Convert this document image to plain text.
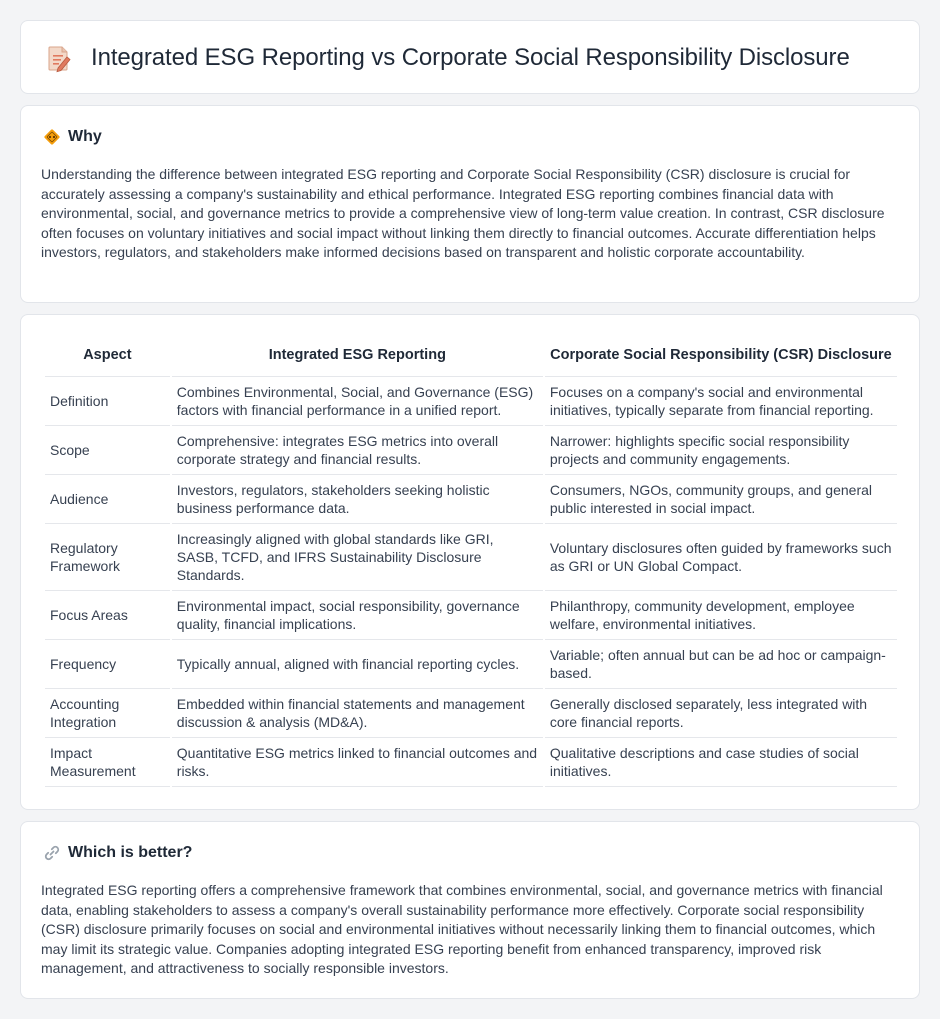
Integrated ESG Reporting vs Corporate Social Responsibility Disclosure
Why

Understanding the difference between integrated ESG reporting and Corporate Social Responsibility (CSR) disclosure is crucial for accurately assessing a company's sustainability and ethical performance. Integrated ESG reporting combines financial data with environmental, social, and governance metrics to provide a comprehensive view of long-term value creation. In contrast, CSR disclosure often focuses on voluntary initiatives and social impact without linking them directly to financial outcomes. Accurate differentiation helps investors, regulators, and stakeholders make informed decisions based on transparent and holistic corporate accountability.

Aspect	Integrated ESG Reporting	Corporate Social Responsibility (CSR) Disclosure
Definition	Combines Environmental, Social, and Governance (ESG) factors with financial performance in a unified report.	Focuses on a company's social and environmental initiatives, typically separate from financial reporting.
Scope	Comprehensive: integrates ESG metrics into overall corporate strategy and financial results.	Narrower: highlights specific social responsibility projects and community engagements.
Audience	Investors, regulators, stakeholders seeking holistic business performance data.	Consumers, NGOs, community groups, and general public interested in social impact.
Regulatory Framework	Increasingly aligned with global standards like GRI, SASB, TCFD, and IFRS Sustainability Disclosure Standards.	Voluntary disclosures often guided by frameworks such as GRI or UN Global Compact.
Focus Areas	Environmental impact, social responsibility, governance quality, financial implications.	Philanthropy, community development, employee welfare, environmental initiatives.
Frequency	Typically annual, aligned with financial reporting cycles.	Variable; often annual but can be ad hoc or campaign-based.
Accounting Integration	Embedded within financial statements and management discussion & analysis (MD&A).	Generally disclosed separately, less integrated with core financial reports.
Impact Measurement	Quantitative ESG metrics linked to financial outcomes and risks.	Qualitative descriptions and case studies of social initiatives.
Which is better?

Integrated ESG reporting offers a comprehensive framework that combines environmental, social, and governance metrics with financial data, enabling stakeholders to assess a company's overall sustainability performance more effectively. Corporate social responsibility (CSR) disclosure primarily focuses on social and environmental initiatives without necessarily linking them to financial outcomes, which may limit its strategic value. Companies adopting integrated ESG reporting benefit from enhanced transparency, improved risk management, and attractiveness to socially responsible investors.
